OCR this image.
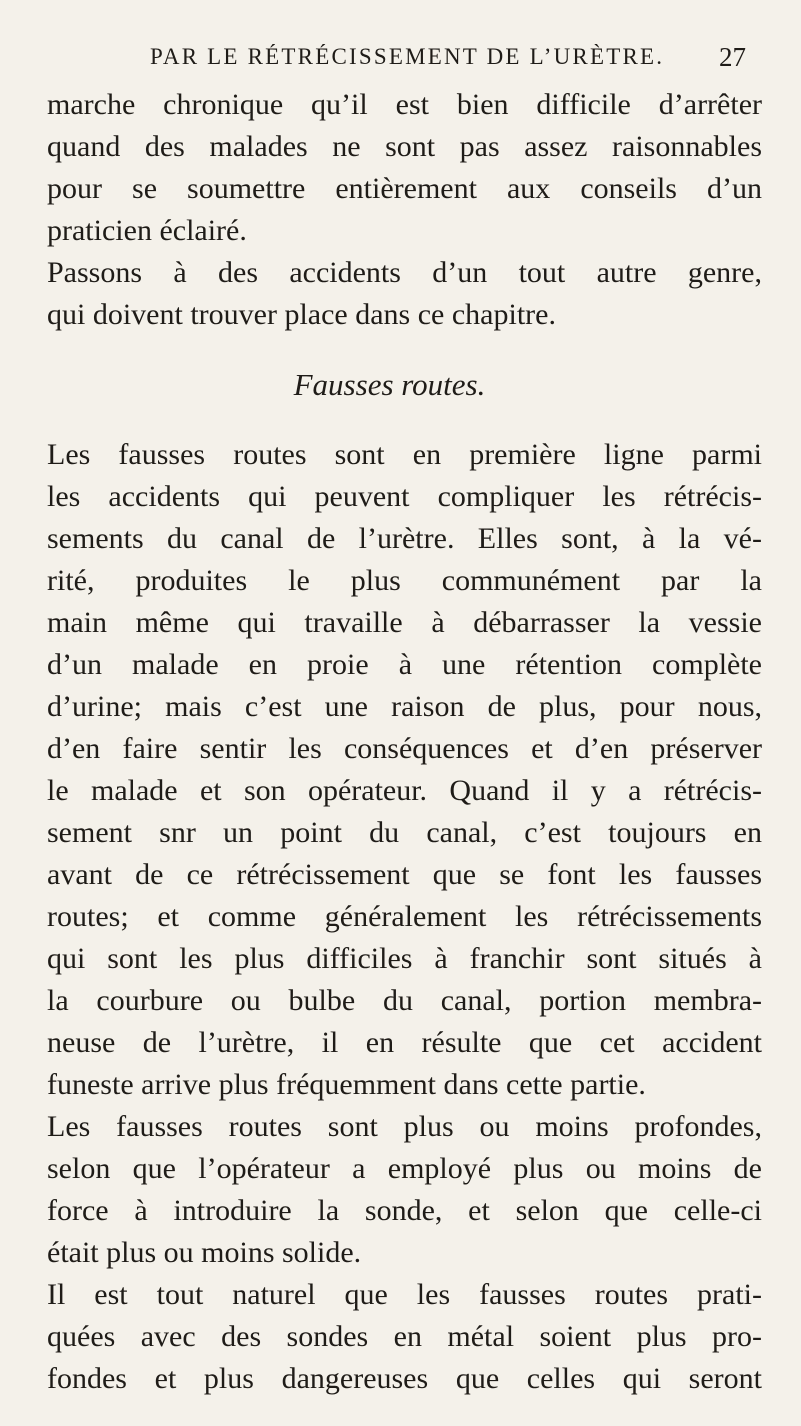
PAR LE RÉTRÉCISSEMENT DE L’URÈTRE. 27
marche chronique qu’il est bien difficile d’arrêter
quand des malades ne sont pas assez raisonnables
pour se soumettre entièrement aux conseils d’un
praticien éclairé.
Passons à des accidents d’un tout autre genre,
qui doivent trouver place dans ce chapitre.
Fausses routes.
Les fausses routes sont en première ligne parmi
les accidents qui peuvent compliquer les rétrécis-
sements du canal de l’urètre. Elles sont, à la vé-
rité, produites le plus communément par la
main même qui travaille à débarrasser la vessie
d’un malade en proie à une rétention complète
d’urine; mais c’est une raison de plus, pour nous,
d’en faire sentir les conséquences et d’en préserver
le malade et son opérateur. Quand il y a rétrécis-
sement snr un point du canal, c’est toujours en
avant de ce rétrécissement que se font les fausses
routes; et comme généralement les rétrécissements
qui sont les plus difficiles à franchir sont situés à
la courbure ou bulbe du canal, portion membra-
neuse de l’urètre, il en résulte que cet accident
funeste arrive plus fréquemment dans cette partie.
Les fausses routes sont plus ou moins profondes,
selon que l’opérateur a employé plus ou moins de
force à introduire la sonde, et selon que celle-ci
était plus ou moins solide.
Il est tout naturel que les fausses routes prati-
quées avec des sondes en métal soient plus pro-
fondes et plus dangereuses que celles qui seront
